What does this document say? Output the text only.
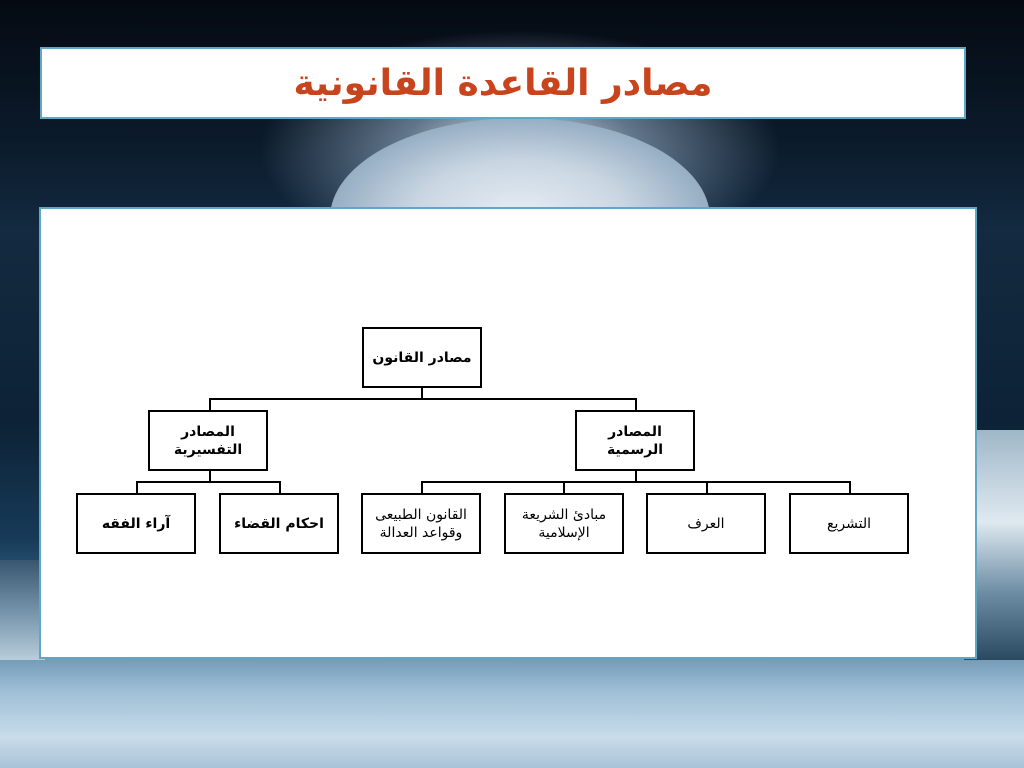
مصادر القاعدة القانونية
مصادر القانون
المصادر التفسيرية
المصادر الرسمية
آراء الفقه	احكام القضاء
القانون الطبيعى وقواعد العدالة
مبادئ الشريعة الإسلامية
العرف	التشريع
